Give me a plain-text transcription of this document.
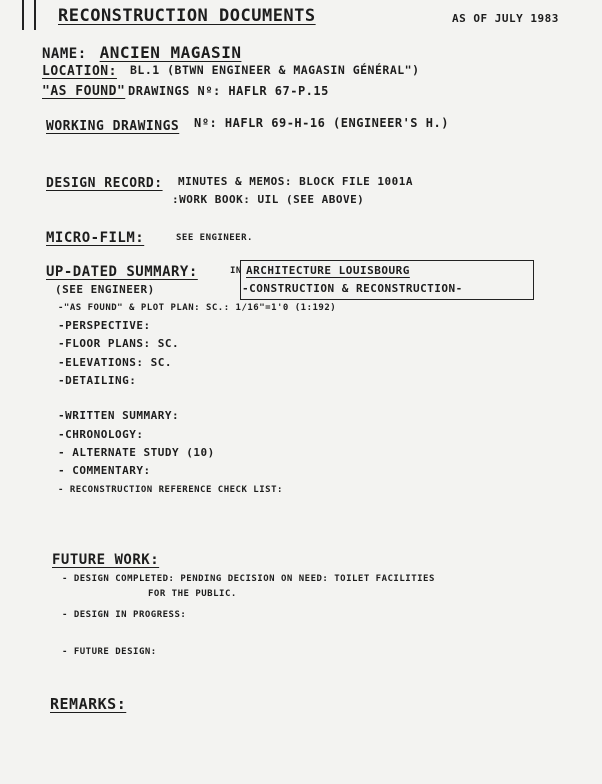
RECONSTRUCTION DOCUMENTS	AS OF JULY 1983
NAME: ANCIEN MAGASIN
LOCATION: BL.1 (BTWN ENGINEER & MAGASIN GÉNÉRAL")
"AS FOUND" DRAWINGS Nº: HAFLR 67-P.15
WORKING DRAWINGS Nº: HAFLR 69-H-16 (ENGINEER'S H.)
DESIGN RECORD: MINUTES & MEMOS: BLOCK FILE 1001A
:WORK BOOK: UIL (SEE ABOVE)
MICRO-FILM:	SEE ENGINEER.
UP-DATED SUMMARY:	IN ARCHITECTURE LOUISBOURG
-CONSTRUCTION & RECONSTRUCTION-
(SEE ENGINEER)
-"AS FOUND" & PLOT PLAN: SC.: 1/16"=1'0 (1:192)
-PERSPECTIVE:
-FLOOR PLANS: SC.
-ELEVATIONS: SC.
-DETAILING:
-WRITTEN SUMMARY:
-CHRONOLOGY:
- ALTERNATE STUDY (10)
- COMMENTARY:
- RECONSTRUCTION REFERENCE CHECK LIST:
FUTURE WORK:
- DESIGN COMPLETED: PENDING DECISION ON NEED: TOILET FACILITIES
FOR THE PUBLIC.
- DESIGN IN PROGRESS:
- FUTURE DESIGN:
REMARKS:
